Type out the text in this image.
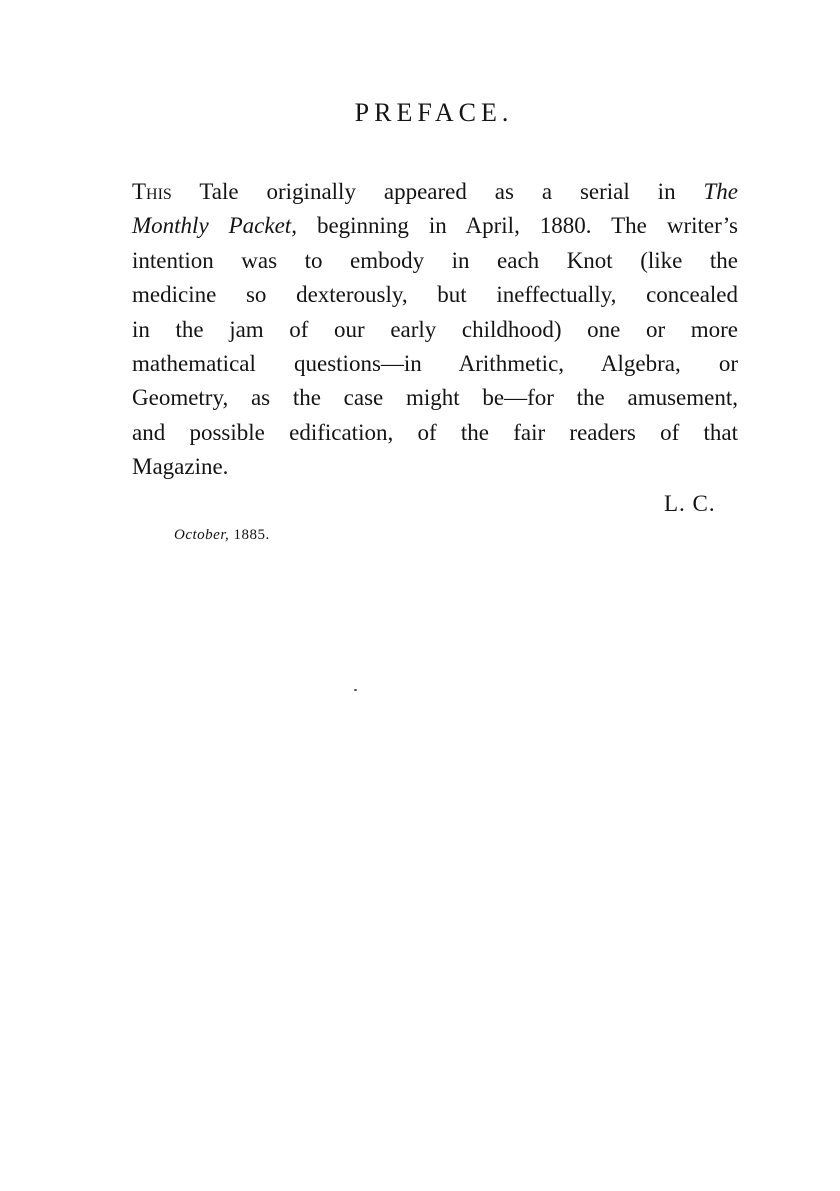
PREFACE.
This Tale originally appeared as a serial in The
Monthly Packet, beginning in April, 1880. The writer’s
intention was to embody in each Knot (like the
medicine so dexterously, but ineffectually, concealed
in the jam of our early childhood) one or more
mathematical questions—in Arithmetic, Algebra, or
Geometry, as the case might be—for the amusement,
and possible edification, of the fair readers of that
Magazine.
L. C.
October, 1885.
